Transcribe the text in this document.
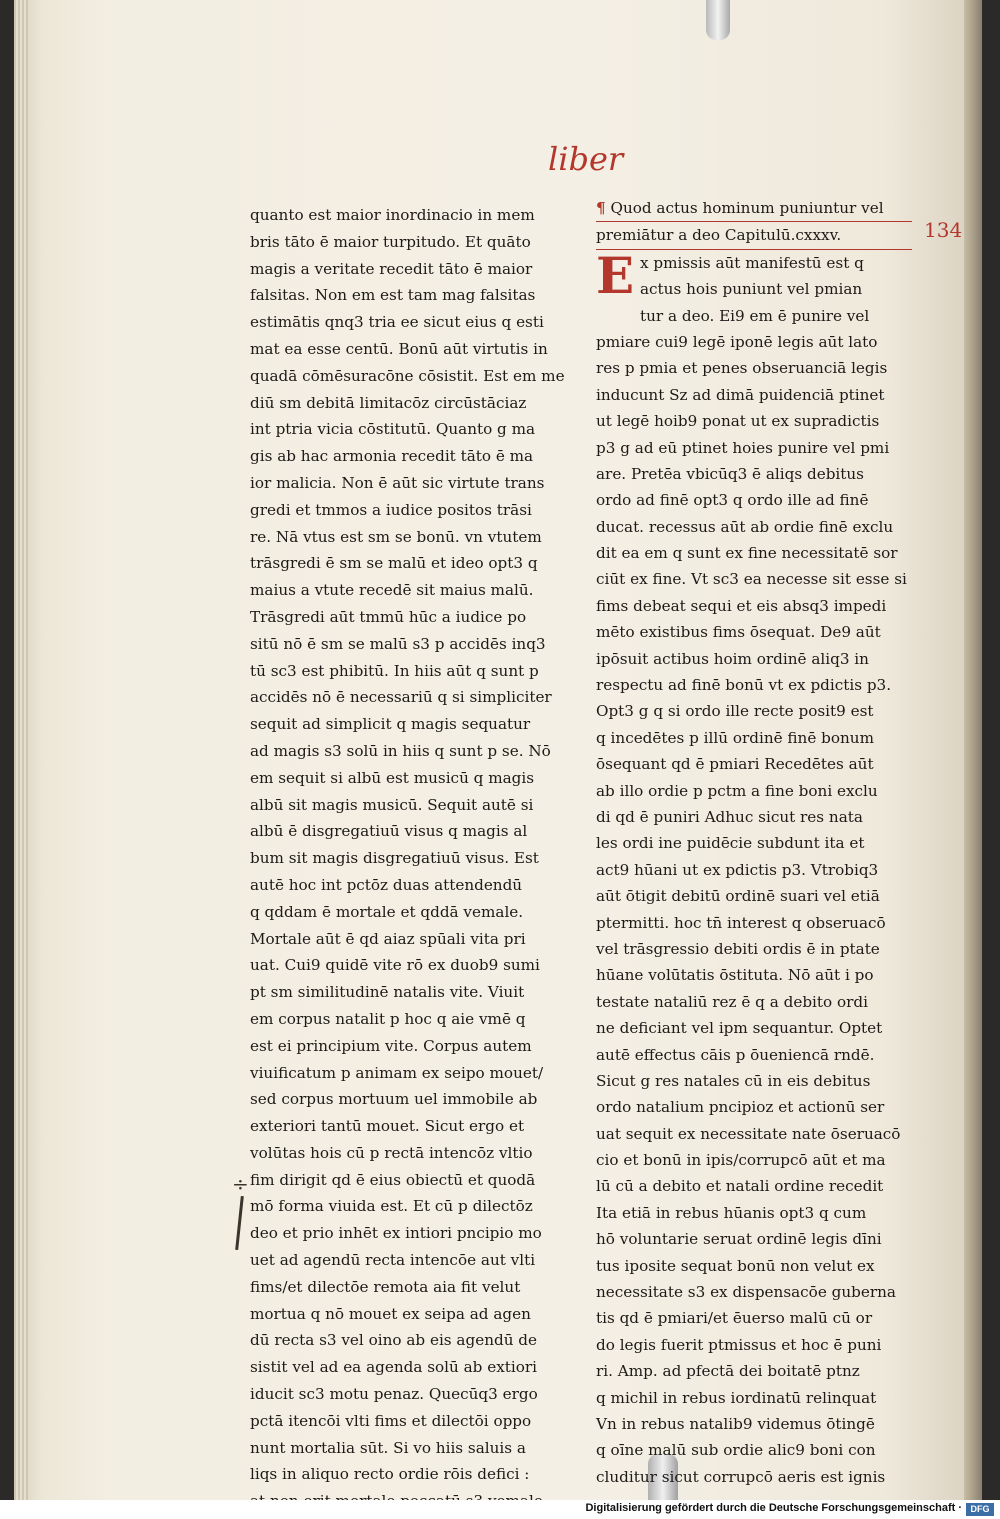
liber
134
quanto est maior inordinacio in mem
bris tāto ē maior turpitudo. Et quāto
magis a veritate recedit tāto ē maior
falsitas. Non em est tam mag falsitas
estimātis qnq3 tria ee sicut eius q esti
mat ea esse centū. Bonū aūt virtutis in
quadā cōmēsuracōne cōsistit. Est em me
diū sm debitā limitacōz circūstāciaz
int ptria vicia cōstitutū. Quanto g ma
gis ab hac armonia recedit tāto ē ma
ior malicia. Non ē aūt sic virtute trans
gredi et tmmos a iudice positos trāsi
re. Nā vtus est sm se bonū. vn vtutem
trāsgredi ē sm se malū et ideo opt3 q
maius a vtute recedē sit maius malū.
Trāsgredi aūt tmmū hūc a iudice po
sitū nō ē sm se malū s3 p accidēs inq3
tū sc3 est phibitū. In hiis aūt q sunt p
accidēs nō ē necessariū q si simpliciter
sequit ad simplicit q magis sequatur
ad magis s3 solū in hiis q sunt p se. Nō
em sequit si albū est musicū q magis
albū sit magis musicū. Sequit autē si
albū ē disgregatiuū visus q magis al
bum sit magis disgregatiuū visus. Est
autē hoc int pctōz duas attendendū
q qddam ē mortale et qddā vemale.
Mortale aūt ē qd aiaz spūali vita pri
uat. Cui9 quidē vite rō ex duob9 sumi
pt sm similitudinē natalis vite. Viuit
em corpus natalit p hoc q aie vmē q
est ei principium vite. Corpus autem
viuificatum p animam ex seipo mouet/
sed corpus mortuum uel immobile ab
exteriori tantū mouet. Sicut ergo et
volūtas hois cū p rectā intencōz vltio
fim dirigit qd ē eius obiectū et quodā
mō forma viuida est. Et cū p dilectōz
deo et prio inhēt ex intiori pncipio mo
uet ad agendū recta intencōe aut vlti
fims/et dilectōe remota aia fit velut
mortua q nō mouet ex seipa ad agen
dū recta s3 vel oino ab eis agendū de
sistit vel ad ea agenda solū ab extiori
iducit sc3 motu penaz. Quecūq3 ergo
pctā itencōi vlti fims et dilectōi oppo
nunt mortalia sūt. Si vo hiis saluis a
liqs in aliquo recto ordie rōis defici :
¶ Quod actus hominum puniuntur vel
premiātur a deo Capitulū.cxxxv.
E x pmissis aūt manifestū est q
actus hois puniunt vel pmian
tur a deo. Ei9 em ē punire vel
pmiare cui9 legē iponē legis aūt lato
res p pmia et penes obseruanciā legis
inducunt Sz ad dimā puidenciā ptinet
ut legē hoib9 ponat ut ex supradictis
p3 g ad eū ptinet hoies punire vel pmi
are. Pretēa vbicūq3 ē aliqs debitus
ordo ad finē opt3 q ordo ille ad finē
ducat. recessus aūt ab ordie finē exclu
dit ea em q sunt ex fine necessitatē sor
ciūt ex fine. Vt sc3 ea necesse sit esse si
fims debeat sequi et eis absq3 impedi
mēto existibus fims ōsequat. De9 aūt
ipōsuit actibus hoim ordinē aliq3 in
respectu ad finē bonū vt ex pdictis p3.
Opt3 g q si ordo ille recte posit9 est
q incedētes p illū ordinē finē bonum
ōsequant qd ē pmiari Recedētes aūt
ab illo ordie p pctm a fine boni exclu
di qd ē puniri Adhuc sicut res nata
les ordi ine puidēcie subdunt ita et
act9 hūani ut ex pdictis p3. Vtrobiq3
aūt ōtigit debitū ordinē suari vel etiā
ptermitti. hoc tn̄ interest q obseruacō
vel trāsgressio debiti ordis ē in ptate
hūane volūtatis ōstituta. Nō aūt i po
testate nataliū rez ē q a debito ordi
ne deficiant vel ipm sequantur. Optet
autē effectus cāis p ōueniencā rndē.
Sicut g res natales cū in eis debitus
ordo natalium pncipioz et actionū ser
uat sequit ex necessitate nate ōseruacō
cio et bonū in ipis/corrupcō aūt et ma
lū cū a debito et natali ordine recedit
Ita etiā in rebus hūanis opt3 q cum
hō voluntarie seruat ordinē legis dīni
tus iposite sequat bonū non velut ex
necessitate s3 ex dispensacōe guberna
tis qd ē pmiari/et ēuerso malū cū or
do legis fuerit ptmissus et hoc ē puni
ri. Amp. ad pfectā dei boitatē ptnz
q michil in rebus iordinatū relinquat
Vn in rebus natalib9 videmus ōtingē
q oīne malū sub ordie alic9 boni con
cluditur sicut corrupcō aeris est ignis
÷
Digitalisierung gefördert durch die Deutsche Forschungsgemeinschaft · DFG
